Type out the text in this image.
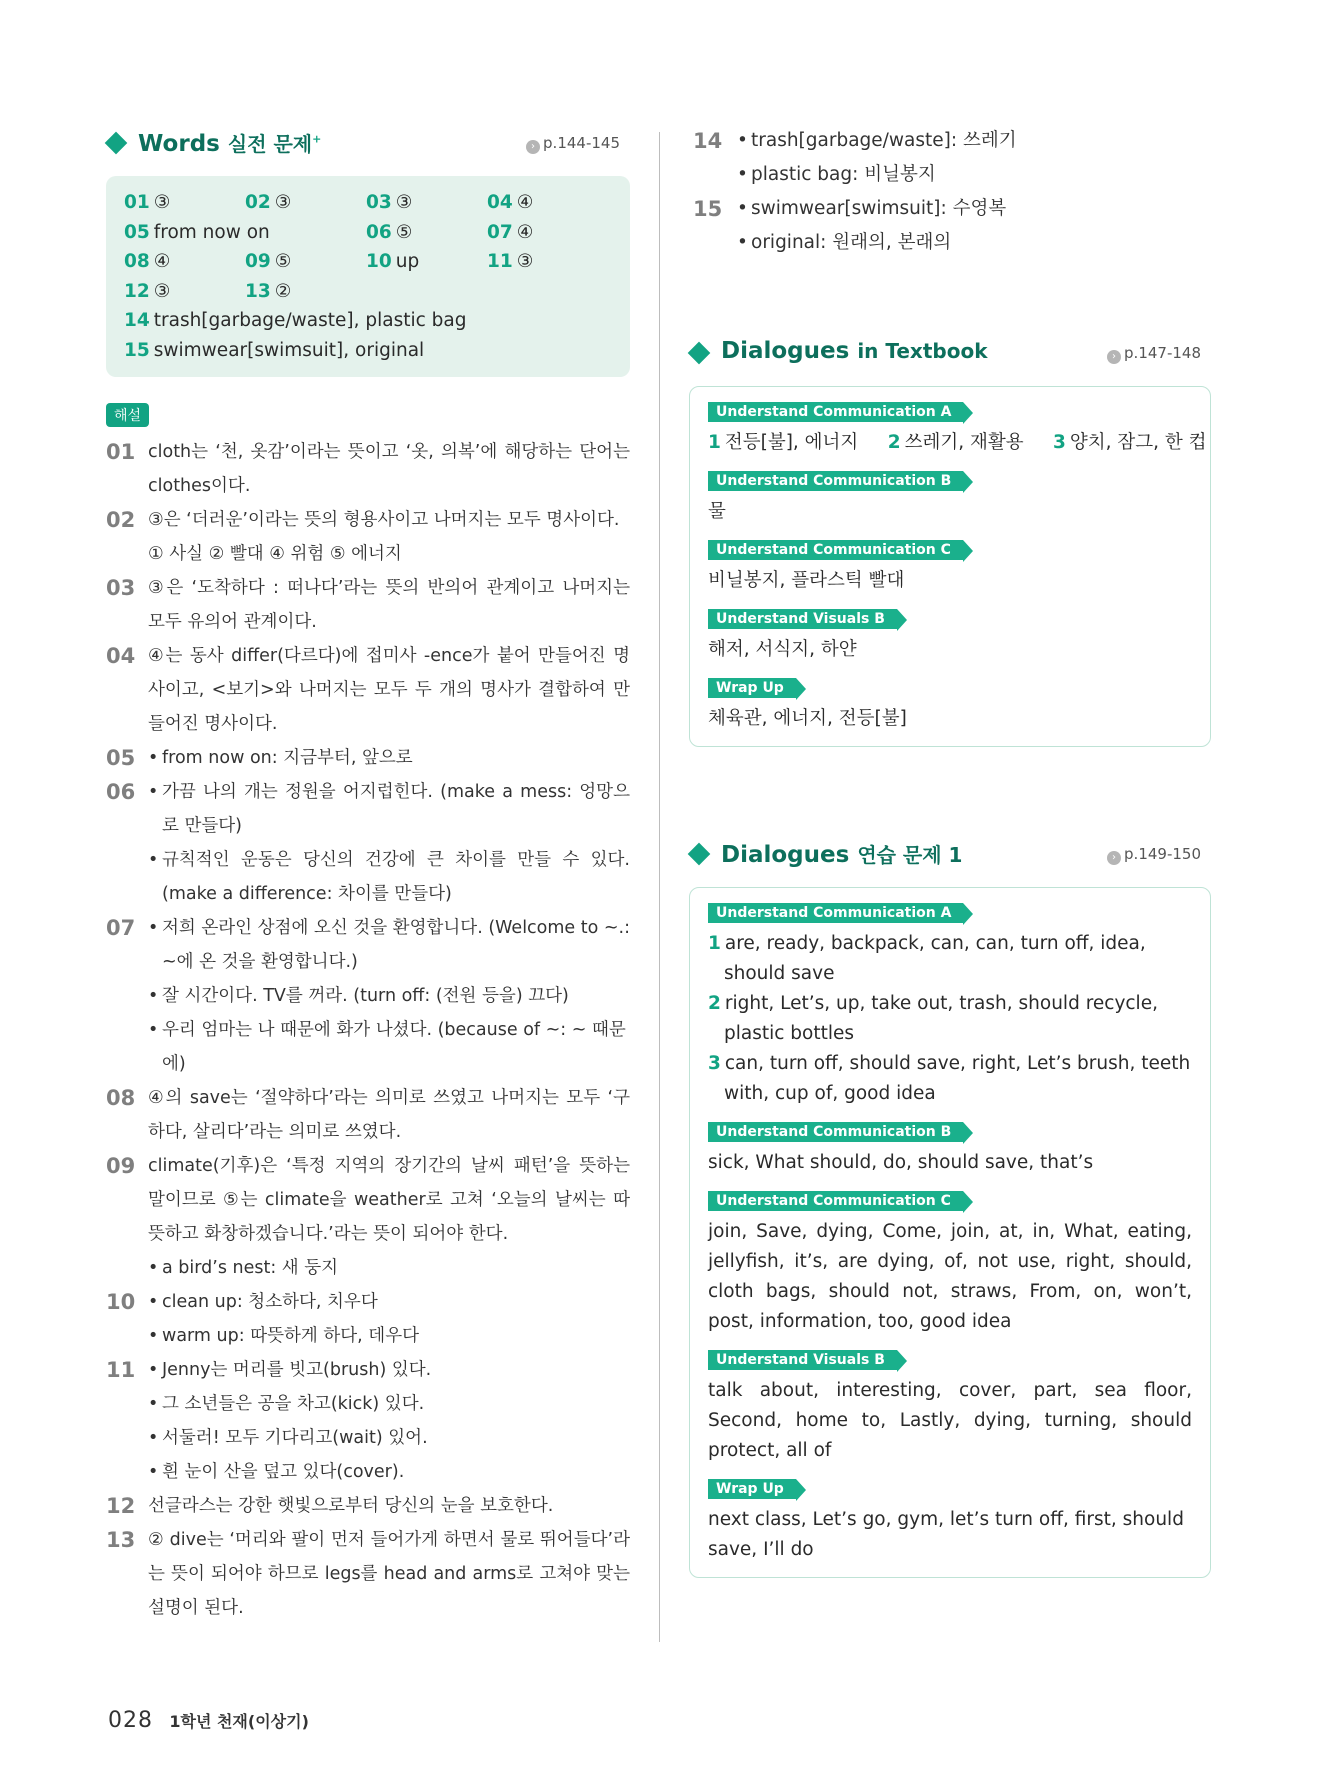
Words 실전 문제+
› p.144-145
01 ③	02 ③	03 ③	04 ④
05 from now on	06 ⑤	07 ④
08 ④	09 ⑤	10 up	11 ③
12 ③	13 ②
14 trash[garbage/waste], plastic bag
15 swimwear[swimsuit], original
해설
01 cloth는 ‘천, 옷감’이라는 뜻이고 ‘옷, 의복’에 해당하는 단어는 clothes이다.
02 ③은 ‘더러운’이라는 뜻의 형용사이고 나머지는 모두 명사이다.
① 사실 ② 빨대 ④ 위험 ⑤ 에너지
03 ③은 ‘도착하다 : 떠나다’라는 뜻의 반의어 관계이고 나머지는 모두 유의어 관계이다.
04 ④는 동사 differ(다르다)에 접미사 -ence가 붙어 만들어진 명사이고, <보기>와 나머지는 모두 두 개의 명사가 결합하여 만들어진 명사이다.
05 • from now on: 지금부터, 앞으로
06 • 가끔 나의 개는 정원을 어지럽힌다. (make a mess: 엉망으로 만들다)
• 규칙적인 운동은 당신의 건강에 큰 차이를 만들 수 있다. (make a difference: 차이를 만들다)
07 • 저희 온라인 상점에 오신 것을 환영합니다. (Welcome to ~.: ~에 온 것을 환영합니다.)
• 잘 시간이다. TV를 꺼라. (turn off: (전원 등을) 끄다)
• 우리 엄마는 나 때문에 화가 나셨다. (because of ~: ~ 때문에)
08 ④의 save는 ‘절약하다’라는 의미로 쓰였고 나머지는 모두 ‘구하다, 살리다’라는 의미로 쓰였다.
09 climate(기후)은 ‘특정 지역의 장기간의 날씨 패턴’을 뜻하는 말이므로 ⑤는 climate을 weather로 고쳐 ‘오늘의 날씨는 따뜻하고 화창하겠습니다.’라는 뜻이 되어야 한다.
• a bird’s nest: 새 둥지
10 • clean up: 청소하다, 치우다
• warm up: 따뜻하게 하다, 데우다
11 • Jenny는 머리를 빗고(brush) 있다.
• 그 소년들은 공을 차고(kick) 있다.
• 서둘러! 모두 기다리고(wait) 있어.
• 흰 눈이 산을 덮고 있다(cover).
12 선글라스는 강한 햇빛으로부터 당신의 눈을 보호한다.
13 ② dive는 ‘머리와 팔이 먼저 들어가게 하면서 물로 뛰어들다’라는 뜻이 되어야 하므로 legs를 head and arms로 고쳐야 맞는 설명이 된다.
14 • trash[garbage/waste]: 쓰레기
• plastic bag: 비닐봉지
15 • swimwear[swimsuit]: 수영복
• original: 원래의, 본래의
Dialogues in Textbook	› p.147-148
Understand Communication A
1 전등[불], 에너지 2 쓰레기, 재활용 3 양치, 잠그, 한 컵
Understand Communication B
물
Understand Communication C
비닐봉지, 플라스틱 빨대
Understand Visuals B
해저, 서식지, 하얀
Wrap Up
체육관, 에너지, 전등[불]
Dialogues 연습 문제 1	› p.149-150
Understand Communication A
1 are, ready, backpack, can, can, turn off, idea, should save
2 right, Let’s, up, take out, trash, should recycle, plastic bottles
3 can, turn off, should save, right, Let’s brush, teeth with, cup of, good idea
Understand Communication B
sick, What should, do, should save, that’s
Understand Communication C
join, Save, dying, Come, join, at, in, What, eating, jellyfish, it’s, are dying, of, not use, right, should, cloth bags, should not, straws, From, on, won’t, post, information, too, good idea
Understand Visuals B
talk about, interesting, cover, part, sea floor, Second, home to, Lastly, dying, turning, should protect, all of
Wrap Up
next class, Let’s go, gym, let’s turn off, first, should save, I’ll do
028 1학년 천재(이상기)
